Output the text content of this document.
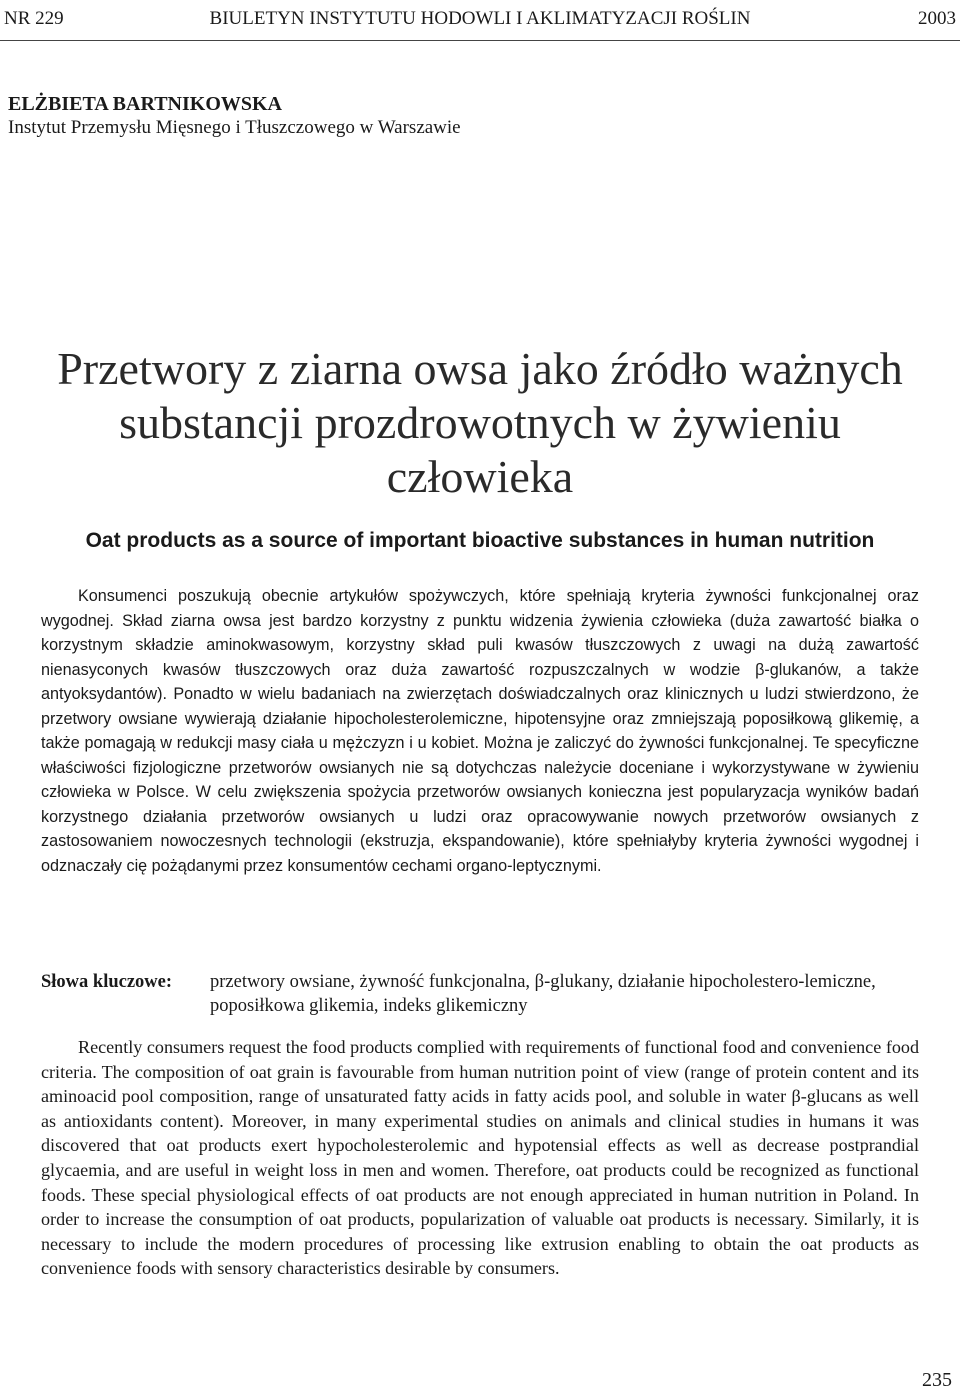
NR 229	BIULETYN INSTYTUTU HODOWLI I AKLIMATYZACJI ROŚLIN	2003
ELŻBIETA BARTNIKOWSKA
Instytut Przemysłu Mięsnego i Tłuszczowego w Warszawie
Przetwory z ziarna owsa jako źródło ważnych
substancji prozdrowotnych w żywieniu
człowieka
Oat products as a source of important bioactive substances in human nutrition

Konsumenci poszukują obecnie artykułów spożywczych, które spełniają kryteria żywności funkcjonalnej oraz wygodnej. Skład ziarna owsa jest bardzo korzystny z punktu widzenia żywienia człowieka (duża zawartość białka o korzystnym składzie aminokwasowym, korzystny skład puli kwasów tłuszczowych z uwagi na dużą zawartość nienasyconych kwasów tłuszczowych oraz duża zawartość rozpuszczalnych w wodzie β-glukanów, a także antyoksydantów). Ponadto w wielu badaniach na zwierzętach doświadczalnych oraz klinicznych u ludzi stwierdzono, że przetwory owsiane wywierają działanie hipocholesterolemiczne, hipotensyjne oraz zmniejszają poposiłkową glikemię, a także pomagają w redukcji masy ciała u mężczyzn i u kobiet. Można je zaliczyć do żywności funkcjonalnej. Te specyficzne właściwości fizjologiczne przetworów owsianych nie są dotychczas należycie doceniane i wykorzystywane w żywieniu człowieka w Polsce. W celu zwiększenia spożycia przetworów owsianych konieczna jest popularyzacja wyników badań korzystnego działania przetworów owsianych u ludzi oraz opracowywanie nowych przetworów owsianych z zastosowaniem nowoczesnych technologii (ekstruzja, ekspandowanie), które spełniałyby kryteria żywności wygodnej i odznaczały cię pożądanymi przez konsumentów cechami organo-leptycznymi.

Słowa kluczowe: przetwory owsiane, żywność funkcjonalna, β-glukany, działanie hipocholestero-lemiczne, poposiłkowa glikemia, indeks glikemiczny

Recently consumers request the food products complied with requirements of functional food and convenience food criteria. The composition of oat grain is favourable from human nutrition point of view (range of protein content and its aminoacid pool composition, range of unsaturated fatty acids in fatty acids pool, and soluble in water β-glucans as well as antioxidants content). Moreover, in many experimental studies on animals and clinical studies in humans it was discovered that oat products exert hypocholesterolemic and hypotensial effects as well as decrease postprandial glycaemia, and are useful in weight loss in men and women. Therefore, oat products could be recognized as functional foods. These special physiological effects of oat products are not enough appreciated in human nutrition in Poland. In order to increase the consumption of oat products, popularization of valuable oat products is necessary. Similarly, it is necessary to include the modern procedures of processing like extrusion enabling to obtain the oat products as convenience foods with sensory characteristics desirable by consumers.

235
